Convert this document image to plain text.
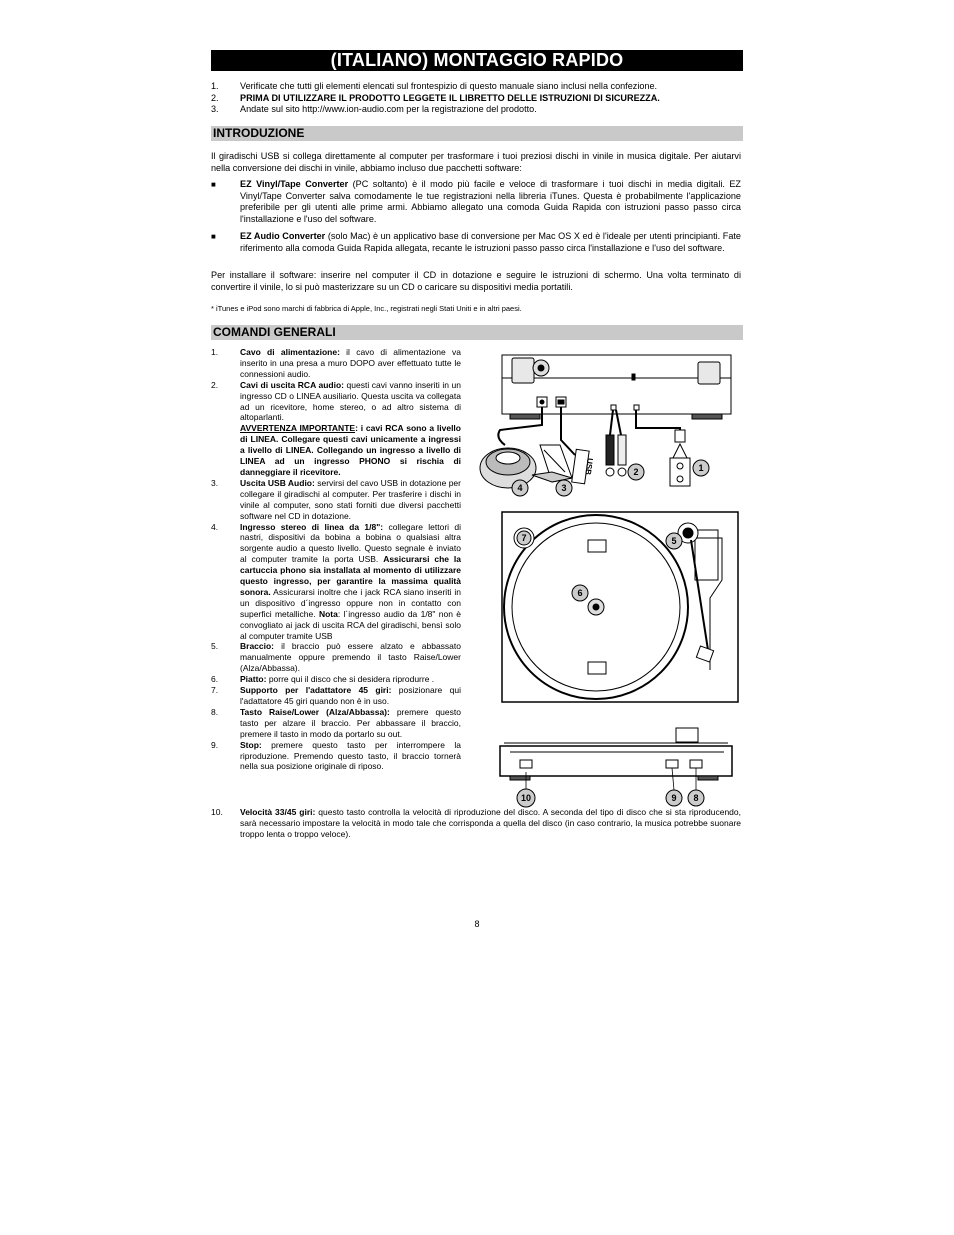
(ITALIANO) MONTAGGIO RAPIDO
1.	Verificate che tutti gli elementi elencati sul frontespizio di questo manuale siano inclusi nella confezione.
2.	PRIMA DI UTILIZZARE IL PRODOTTO LEGGETE IL LIBRETTO DELLE ISTRUZIONI DI SICUREZZA.
3.	Andate sul sito http://www.ion-audio.com per la registrazione del prodotto.
INTRODUZIONE
Il giradischi USB si collega direttamente al computer per trasformare i tuoi preziosi dischi in vinile in musica digitale. Per aiutarvi nella conversione dei dischi in vinile, abbiamo incluso due pacchetti software:
■	EZ Vinyl/Tape Converter (PC soltanto) è il modo più facile e veloce di trasformare i tuoi dischi in media digitali. EZ Vinyl/Tape Converter salva comodamente le tue registrazioni nella libreria iTunes. Questa è probabilmente l'applicazione preferibile per gli utenti alle prime armi. Abbiamo allegato una comoda Guida Rapida con istruzioni passo passo circa l'installazione e l'uso del software.
■	EZ Audio Converter (solo Mac) è un applicativo base di conversione per Mac OS X ed è l'ideale per utenti principianti. Fate riferimento alla comoda Guida Rapida allegata, recante le istruzioni passo passo circa l'installazione e l'uso del software.
Per installare il software: inserire nel computer il CD in dotazione e seguire le istruzioni di schermo. Una volta terminato di convertire il vinile, lo si può masterizzare su un CD o caricare su dispositivi media portatili.
* iTunes e iPod sono marchi di fabbrica di Apple, Inc., registrati negli Stati Uniti e in altri paesi.
COMANDI GENERALI
1.	Cavo di alimentazione: il cavo di alimentazione va inserito in una presa a muro DOPO aver effettuato tutte le connessioni audio.
2.	Cavi di uscita RCA audio: questi cavi vanno inseriti in un ingresso CD o LINEA ausiliario. Questa uscita va collegata ad un ricevitore, home stereo, o ad altro sistema di altoparlanti.
AVVERTENZA IMPORTANTE: i cavi RCA sono a livello di LINEA. Collegare questi cavi unicamente a ingressi a livello di LINEA. Collegando un ingresso a livello di LINEA ad un ingresso PHONO si rischia di danneggiare il ricevitore.
3.	Uscita USB Audio: servirsi del cavo USB in dotazione per collegare il giradischi al computer. Per trasferire i dischi in vinile al computer, sono stati forniti due diversi pacchetti software nel CD in dotazione.
4.	Ingresso stereo di linea da 1/8": collegare lettori di nastri, dispositivi da bobina a bobina o qualsiasi altra sorgente audio a questo livello. Questo segnale è inviato al computer tramite la porta USB. Assicurarsi che la cartuccia phono sia installata al momento di utilizzare questo ingresso, per garantire la massima qualità sonora. Assicurarsi inoltre che i jack RCA siano inseriti in un dispositivo d´ingresso oppure non in contatto con superfici metalliche. Nota: l´ingresso audio da 1/8" non è convogliato ai jack di uscita RCA del giradischi, bensì solo al computer tramite USB
5.	Braccio: il braccio può essere alzato e abbassato manualmente oppure premendo il tasto Raise/Lower (Alza/Abbassa).
6.	Piatto: porre qui il disco che si desidera riprodurre .
7.	Supporto per l'adattatore 45 giri: posizionare qui l'adattatore 45 giri quando non è in uso.
8.	Tasto Raise/Lower (Alza/Abbassa): premere questo tasto per alzare il braccio. Per abbassare il braccio, premere il tasto in modo da portarlo su out.
9.	Stop: premere questo tasto per interrompere la riproduzione. Premendo questo tasto, il braccio tornerà nella sua posizione originale di riposo.
10.	Velocità 33/45 giri: questo tasto controlla la velocità di riproduzione del disco. A seconda del tipo di disco che si sta riproducendo, sarà necessario impostare la velocità in modo tale che corrisponda a quella del disco (in caso contrario, la musica potrebbe suonare troppo lenta o troppo veloce).
8
USB
4	3
2	1
7	5
6
10	9 8
